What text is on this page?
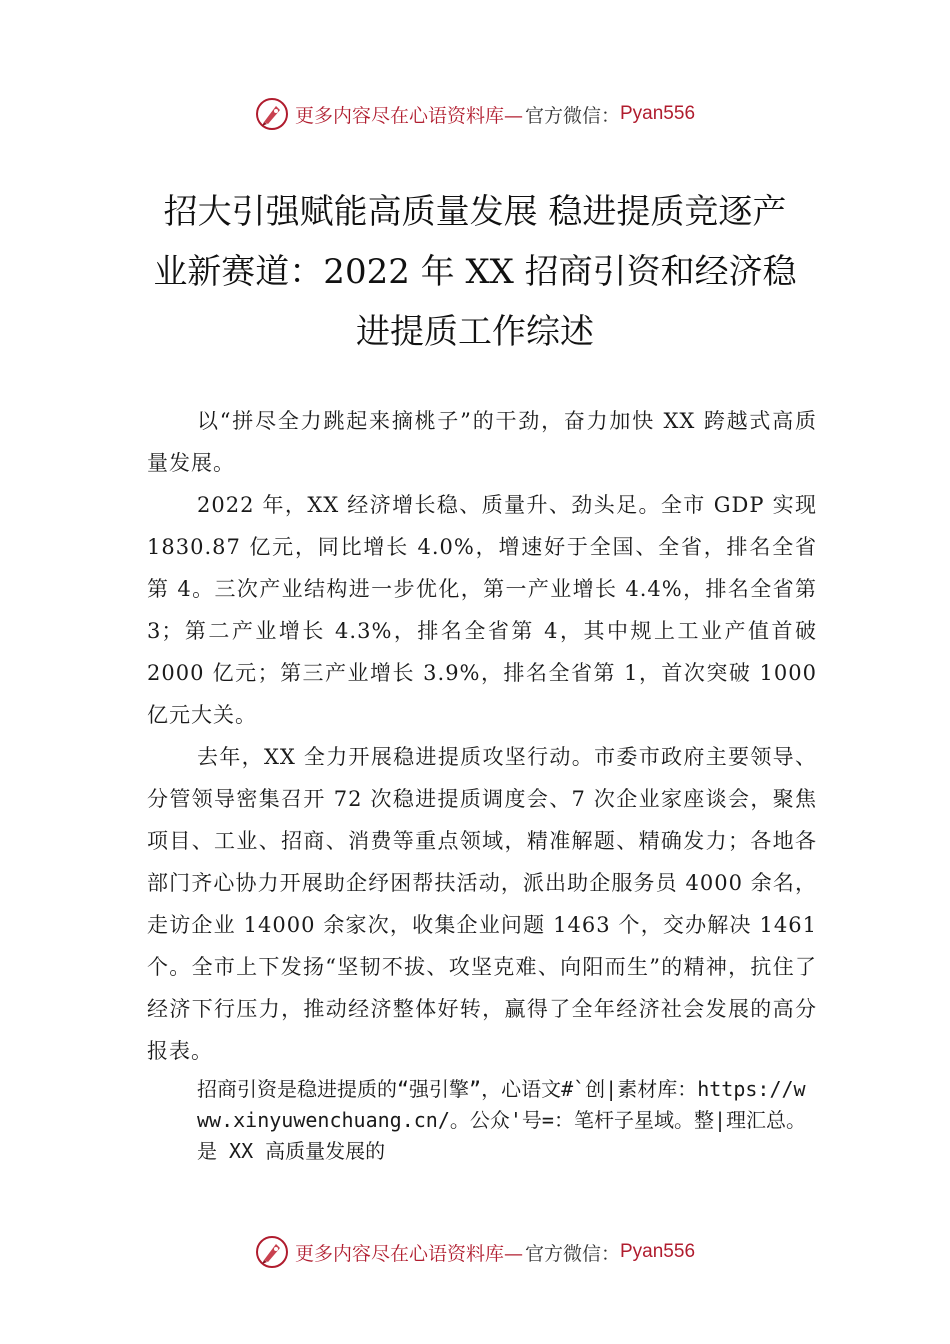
更多内容尽在心语资料库— 官方微信： Pyan556
招大引强赋能高质量发展 稳进提质竞逐产
业新赛道：2022 年 XX 招商引资和经济稳
进提质工作综述

以“拼尽全力跳起来摘桃子”的干劲，奋力加快 XX 跨越式高质量发展。

2022 年，XX 经济增长稳、质量升、劲头足。全市 GDP 实现 1830.87 亿元，同比增长 4.0%，增速好于全国、全省，排名全省第 4。三次产业结构进一步优化，第一产业增长 4.4%，排名全省第 3；第二产业增长 4.3%，排名全省第 4，其中规上工业产值首破 2000 亿元；第三产业增长 3.9%，排名全省第 1，首次突破 1000 亿元大关。

去年，XX 全力开展稳进提质攻坚行动。市委市政府主要领导、分管领导密集召开 72 次稳进提质调度会、7 次企业家座谈会，聚焦项目、工业、招商、消费等重点领域，精准解题、精确发力；各地各部门齐心协力开展助企纾困帮扶活动，派出助企服务员 4000 余名，走访企业 14000 余家次，收集企业问题 1463 个，交办解决 1461 个。全市上下发扬“坚韧不拔、攻坚克难、向阳而生”的精神，抗住了经济下行压力，推动经济整体好转，赢得了全年经济社会发展的高分报表。

招商引资是稳进提质的“强引擎”，心语文#`创|素材库：https://www.xinyuwenchuang.cn/。公众'号=：笔杆子星域。整|理汇总。是 XX 高质量发展的

更多内容尽在心语资料库— 官方微信： Pyan556
